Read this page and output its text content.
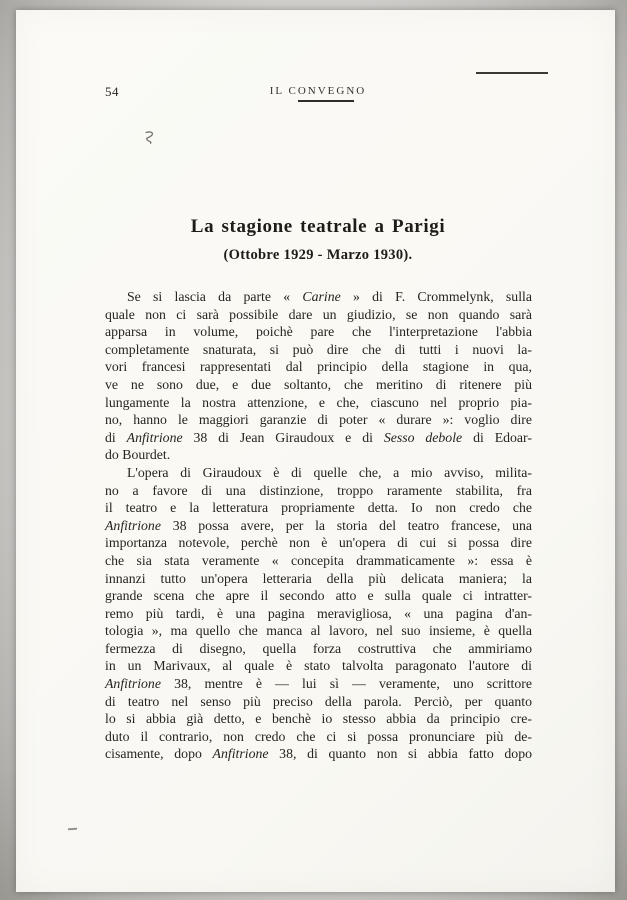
54	IL CONVEGNO
La stagione teatrale a Parigi
(Ottobre 1929 - Marzo 1930).
Se si lascia da parte « Carine » di F. Crommelynk, sulla
quale non ci sarà possibile dare un giudizio, se non quando sarà
apparsa in volume, poichè pare che l'interpretazione l'abbia
completamente snaturata, si può dire che di tutti i nuovi la-
vori francesi rappresentati dal principio della stagione in qua,
ve ne sono due, e due soltanto, che meritino di ritenere più
lungamente la nostra attenzione, e che, ciascuno nel proprio pia-
no, hanno le maggiori garanzie di poter « durare »: voglio dire
di Anfitrione 38 di Jean Giraudoux e di Sesso debole di Edoar-
do Bourdet.
L'opera di Giraudoux è di quelle che, a mio avviso, milita-
no a favore di una distinzione, troppo raramente stabilita, fra
il teatro e la letteratura propriamente detta. Io non credo che
Anfitrione 38 possa avere, per la storia del teatro francese, una
importanza notevole, perchè non è un'opera di cui si possa dire
che sia stata veramente « concepita drammaticamente »: essa è
innanzi tutto un'opera letteraria della più delicata maniera; la
grande scena che apre il secondo atto e sulla quale ci intratter-
remo più tardi, è una pagina meravigliosa, « una pagina d'an-
tologia », ma quello che manca al lavoro, nel suo insieme, è quella
fermezza di disegno, quella forza costruttiva che ammiriamo
in un Marivaux, al quale è stato talvolta paragonato l'autore di
Anfitrione 38, mentre è — lui sì — veramente, uno scrittore
di teatro nel senso più preciso della parola. Perciò, per quanto
lo si abbia già detto, e benchè io stesso abbia da principio cre-
duto il contrario, non credo che ci si possa pronunciare più de-
cisamente, dopo Anfitrione 38, di quanto non si abbia fatto dopo
